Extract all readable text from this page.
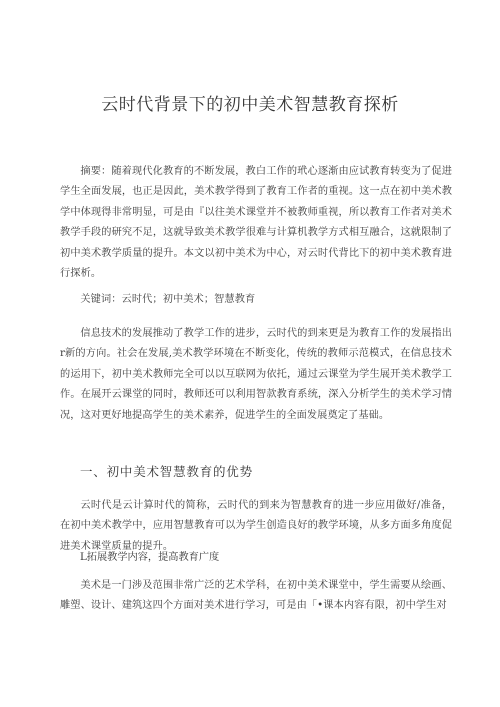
云时代背景下的初中美术智慧教育探析

摘要：随着现代化教育的不断发展，教白工作的玳心逐渐由应试教育转变为了促进学生全面发展，也正是因此，美术教学得到了教育工作者的重视。这一点在初中美术教学中体现得非常明显，可是由『以往美术课堂并不被教师重视，所以教育工作者对美术教学手段的研究不足，这就导致美术教学很难与计算机教学方式相互融合，这就限制了初中美术教学质量的提升。本文以初中美术为中心，对云时代背比下的初中美术教育进行探析。

关键词：云时代；初中美术；智慧教育

信息技术的发展推动了教学工作的进步，云时代的到来更是为教育工作的发展指出r新的方向。社会在发展,美术教学环境在不断变化，传统的教师示范模式，在信息技术的运用下，初中美术教师完全可以以互联网为依托，通过云课堂为学生展开美术教学工作。在展开云课堂的同时，教师还可以利用智款教育系统，深入分析学生的美术学习情况，这对更好地提高学生的美术素养，促进学生的全面发展奠定了基础。

一、初中美术智慧教育的优势

云时代是云计算时代的简称，云时代的到来为智慧教育的进一步应用做好/准备，在初中美术教学中，应用智慧教育可以为学生创造良好的教学环境，从多方面多角度促进美术课堂质量的提升。

L拓展教学内容，提高教育广度

美术是一门涉及范围非常广泛的艺术学科，在初中美术课堂中，学生需要从绘画、雕塑、设计、建筑这四个方面对美术进行学习，可是由「•课本内容有限，初中学生对
